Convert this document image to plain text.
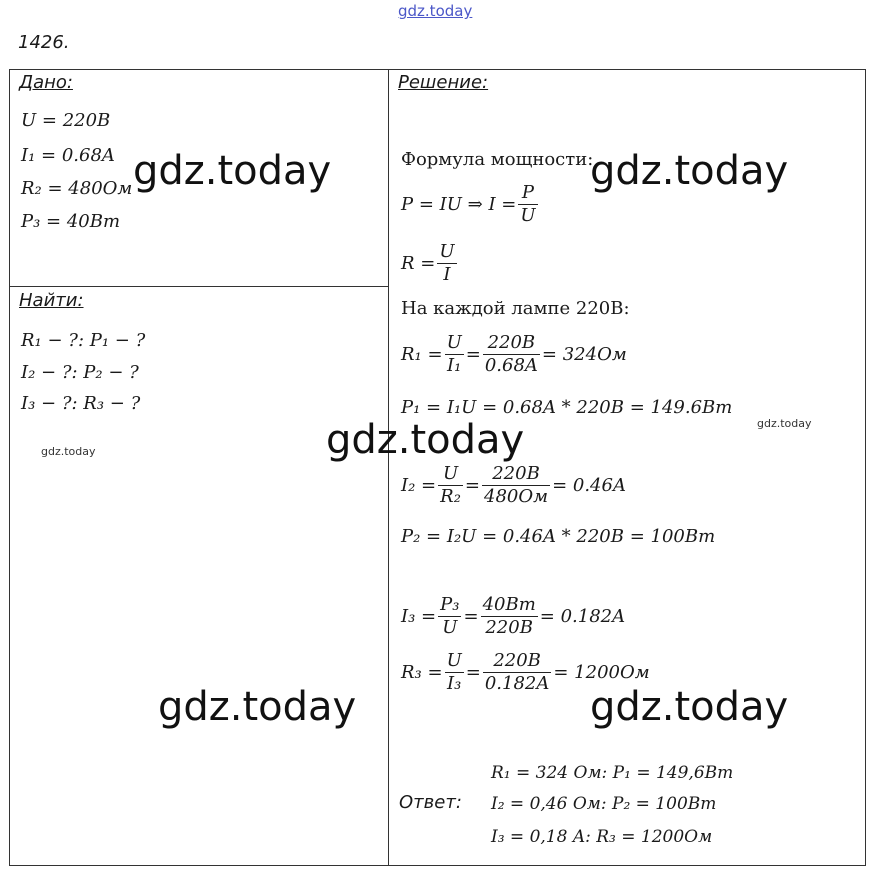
gdz.today
1426.
Дано:
U = 220B
I₁ = 0.68A
R₂ = 480Oм
P₃ = 40Bт
Найти:
R₁ − ?: P₁ − ?
I₂ − ?: P₂ − ?
I₃ − ?: R₃ − ?
Решение:
Формула мощности:
P = IU ⇒ $I = \frac{P}{U}$
$R = \frac{U}{I}$
На каждой лампе 220В:
$R_1 = \frac{U}{\text{I₁}} = \frac{220B}{0.68A} = 324Oм$
P₁ = I₁U = 0.68A * 220B = 149.6Bт
$I_2 = \frac{U}{\text{R₂}} = \frac{220B}{480Oм} = 0.46A$
P₂ = I₂U = 0.46A * 220B = 100Bт
$I_3 = \frac{\text{P₃}}{U} = \frac{40Bт}{220B} = 0.182A$
$R_3 = \frac{U}{\text{I₃}} = \frac{220B}{0.182A} = 1200Oм$
Ответ:
R₁ = 324 Oм: P₁ = 149,6Bт
I₂ = 0,46 Oм: P₂ = 100Bт
I₃ = 0,18 A: R₃ = 1200Oм
gdz.today	gdz.today
gdz.today
gdz.today	gdz.today
gdz.today
gdz.today
